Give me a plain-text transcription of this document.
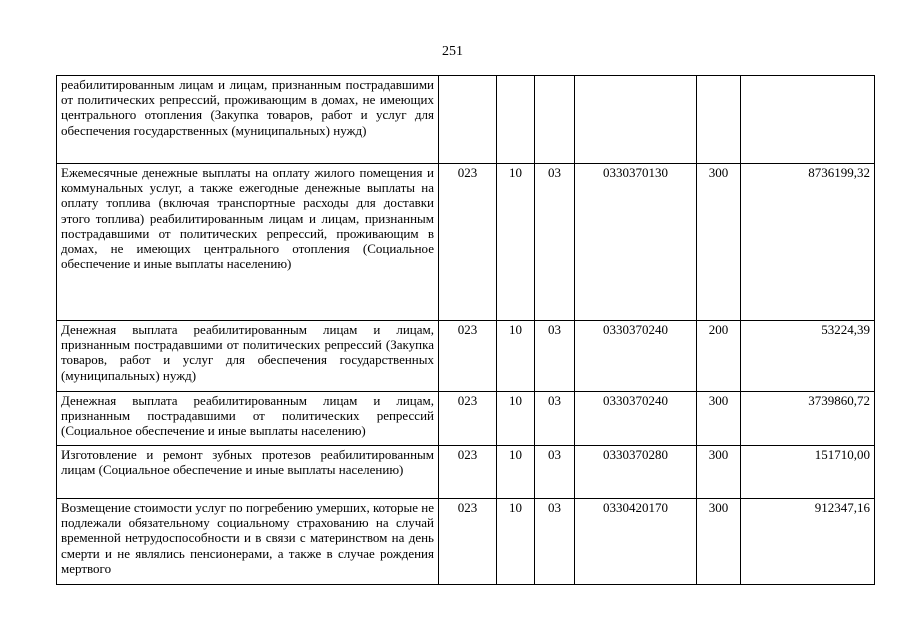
251
реабилитированным лицам и лицам, признанным пострадавшими от политических репрессий, проживающим в домах, не имеющих центрального отопления (Закупка товаров, работ и услуг для обеспечения государственных (муниципальных) нужд)						
Ежемесячные денежные выплаты на оплату жилого помещения и коммунальных услуг, а также ежегодные денежные выплаты на оплату топлива (включая транспортные расходы для доставки этого топлива) реабилитированным лицам и лицам, признанным пострадавшими от политических репрессий, проживающим в домах, не имеющих центрального отопления (Социальное обеспечение и иные выплаты населению)	023	10	03	0330370130	300	8736199,32
Денежная выплата реабилитированным лицам и лицам, признанным пострадавшими от политических репрессий (Закупка товаров, работ и услуг для обеспечения государственных (муниципальных) нужд)	023	10	03	0330370240	200	53224,39
Денежная выплата реабилитированным лицам и лицам, признанным пострадавшими от политических репрессий (Социальное обеспечение и иные выплаты населению)	023	10	03	0330370240	300	3739860,72
Изготовление и ремонт зубных протезов реабилитированным лицам (Социальное обеспечение и иные выплаты населению)	023	10	03	0330370280	300	151710,00
Возмещение стоимости услуг по погребению умерших, которые не подлежали обязательному социальному страхованию на случай временной нетрудоспособности и в связи с материнством на день смерти и не являлись пенсионерами, а также в случае рождения мертвого	023	10	03	0330420170	300	912347,16
